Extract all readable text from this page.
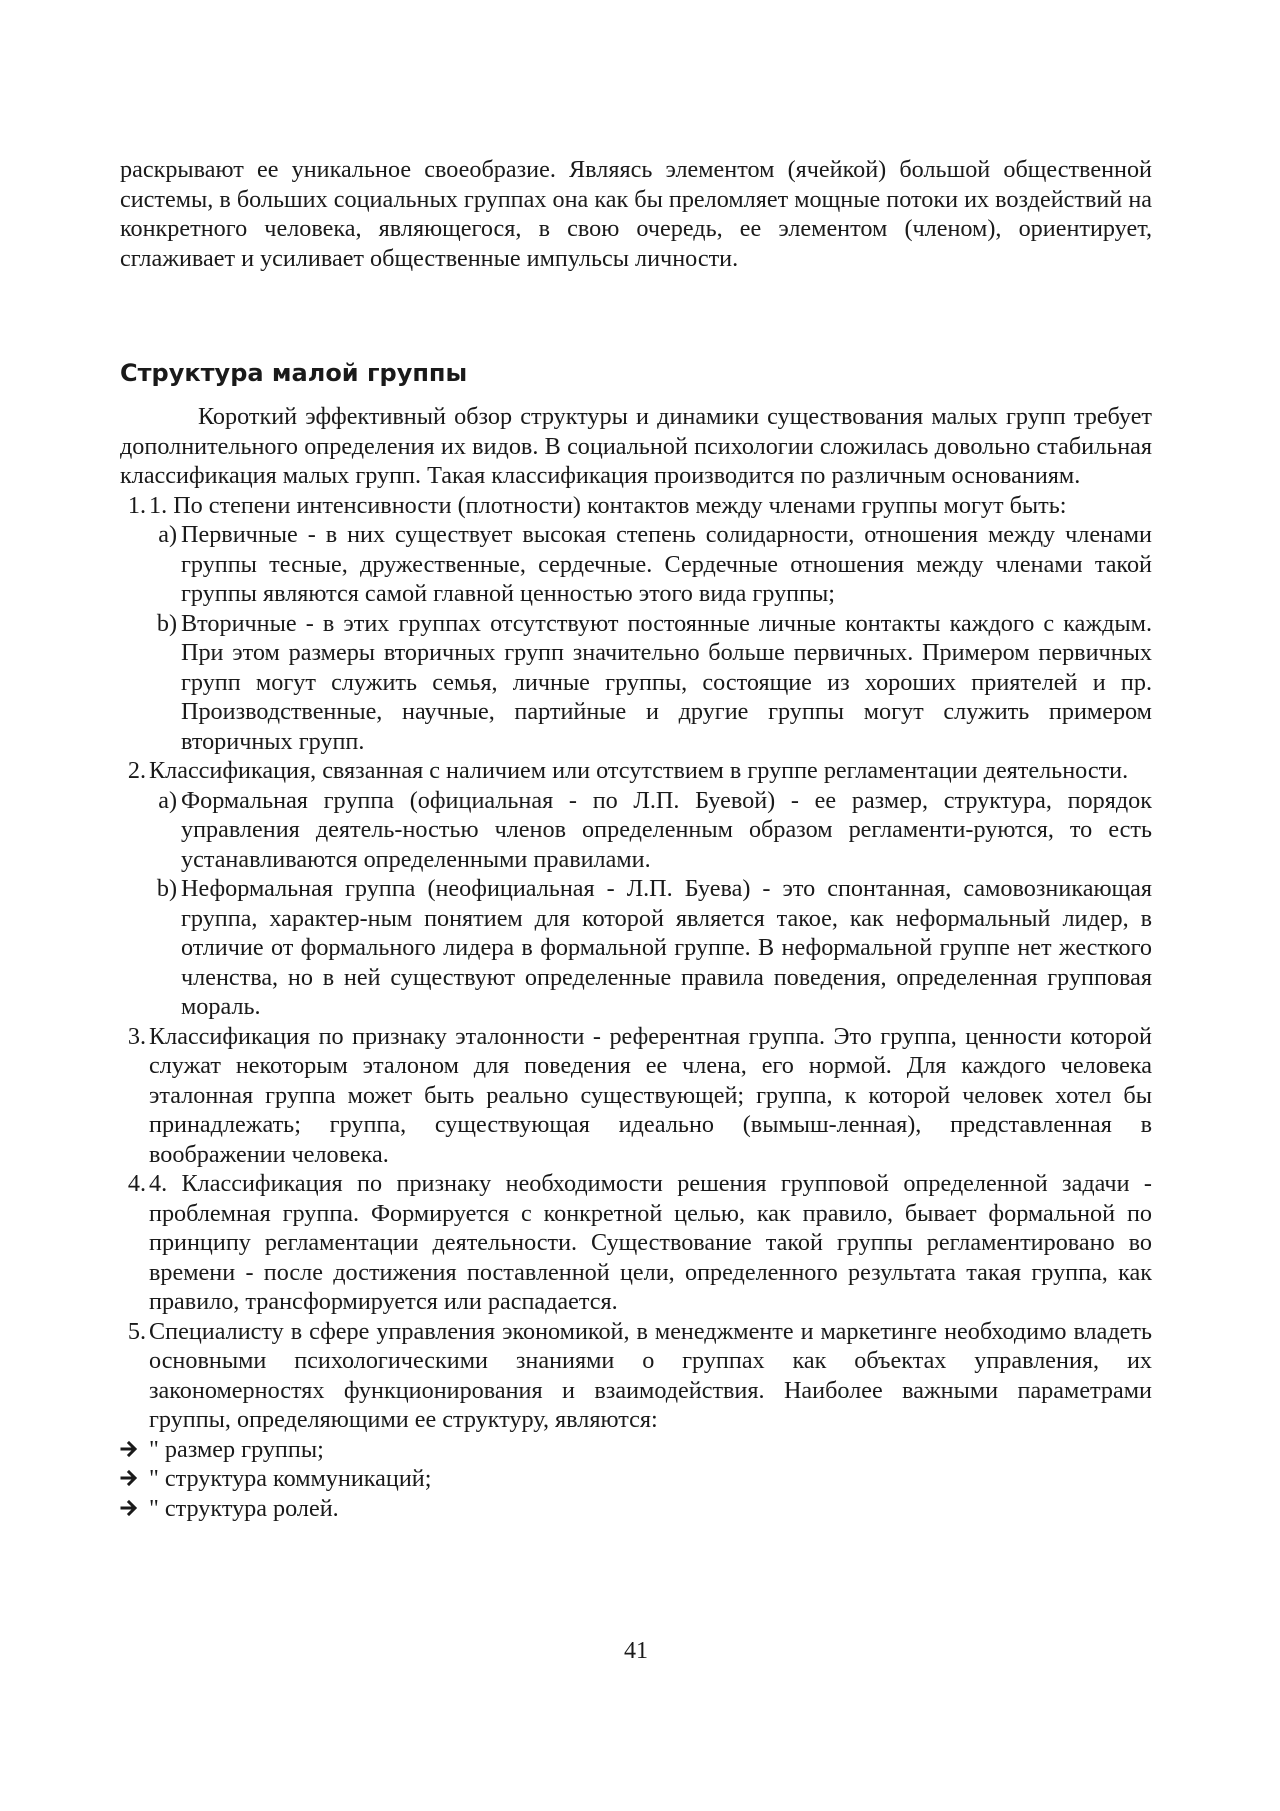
раскрывают ее уникальное своеобразие. Являясь элементом (ячейкой) большой общественной системы, в больших социальных группах она как бы преломляет мощные потоки их воздействий на конкретного человека, являющегося, в свою очередь, ее элементом (членом), ориентирует, сглаживает и усиливает общественные импульсы личности.

Структура малой группы

Короткий эффективный обзор структуры и динамики существования малых групп требует дополнительного определения их видов. В социальной психологии сложилась довольно стабильная классификация малых групп. Такая классификация производится по различным основаниям.

1. 1. По степени интенсивности (плотности) контактов между членами группы могут быть:
a) Первичные - в них существует высокая степень солидарности, отношения между членами группы тесные, дружественные, сердечные. Сердечные отношения между членами такой группы являются самой главной ценностью этого вида группы;
b) Вторичные - в этих группах отсутствуют постоянные личные контакты каждого с каждым. При этом размеры вторичных групп значительно больше первичных. Примером первичных групп могут служить семья, личные группы, состоящие из хороших приятелей и пр. Производственные, научные, партийные и другие группы могут служить примером вторичных групп.
2. Классификация, связанная с наличием или отсутствием в группе регламентации деятельности.
a) Формальная группа (официальная - по Л.П. Буевой) - ее размер, структура, порядок управления деятель-ностью членов определенным образом регламенти-руются, то есть устанавливаются определенными правилами.
b) Неформальная группа (неофициальная - Л.П. Буева) - это спонтанная, самовозникающая группа, характер-ным понятием для которой является такое, как неформальный лидер, в отличие от формального лидера в формальной группе. В неформальной группе нет жесткого членства, но в ней существуют определенные правила поведения, определенная групповая мораль.
3. Классификация по признаку эталонности - референтная группа. Это группа, ценности которой служат некоторым эталоном для поведения ее члена, его нормой. Для каждого человека эталонная группа может быть реально существующей; группа, к которой человек хотел бы принадлежать; группа, существующая идеально (вымыш-ленная), представленная в воображении человека.
4. 4. Классификация по признаку необходимости решения групповой определенной задачи - проблемная группа. Формируется с конкретной целью, как правило, бывает формальной по принципу регламентации деятельности. Существование такой группы регламентировано во времени - после достижения поставленной цели, определенного результата такая группа, как правило, трансформируется или распадается.
5. Специалисту в сфере управления экономикой, в менеджменте и маркетинге необходимо владеть основными психологическими знаниями о группах как объектах управления, их закономерностях функционирования и взаимодействия. Наиболее важными параметрами группы, определяющими ее структуру, являются:
" размер группы;
" структура коммуникаций;
" структура ролей.
41
